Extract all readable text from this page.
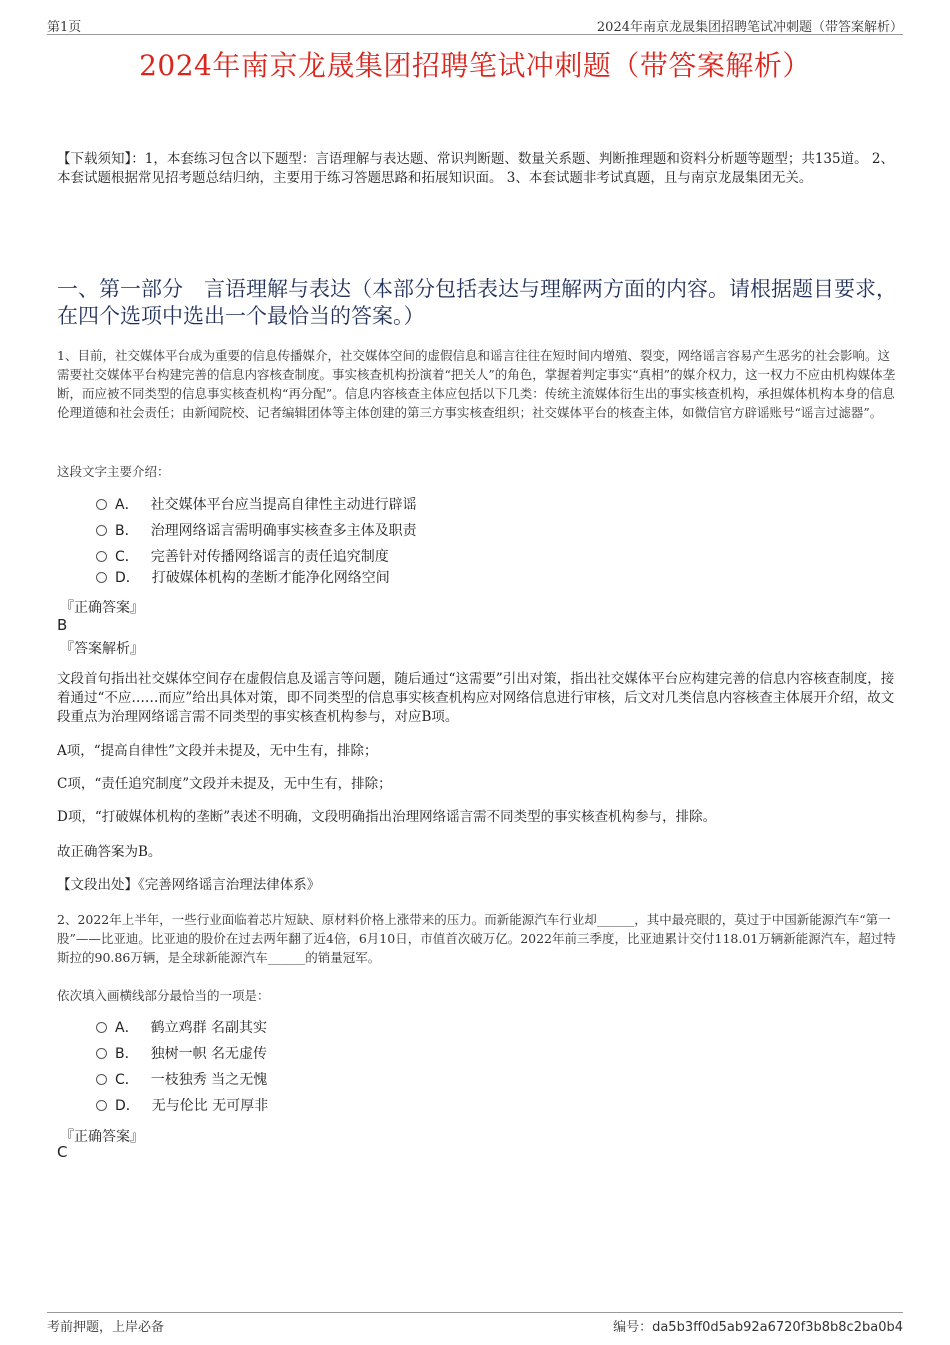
第1页	2024年南京龙晟集团招聘笔试冲刺题（带答案解析）
2024年南京龙晟集团招聘笔试冲刺题（带答案解析）
【下载须知】：1，本套练习包含以下题型：言语理解与表达题、常识判断题、数量关系题、判断推理题和资料分析题等题型；共135道。 2、本套试题根据常见招考题总结归纳，主要用于练习答题思路和拓展知识面。 3、本套试题非考试真题，且与南京龙晟集团无关。
一、第一部分　言语理解与表达（本部分包括表达与理解两方面的内容。请根据题目要求，在四个选项中选出一个最恰当的答案。）
1、目前，社交媒体平台成为重要的信息传播媒介，社交媒体空间的虚假信息和谣言往往在短时间内增殖、裂变，网络谣言容易产生恶劣的社会影响。这需要社交媒体平台构建完善的信息内容核查制度。事实核查机构扮演着“把关人”的角色，掌握着判定事实“真相”的媒介权力，这一权力不应由机构媒体垄断，而应被不同类型的信息事实核查机构“再分配”。信息内容核查主体应包括以下几类：传统主流媒体衍生出的事实核查机构，承担媒体机构本身的信息伦理道德和社会责任；由新闻院校、记者编辑团体等主体创建的第三方事实核查组织；社交媒体平台的核查主体，如微信官方辟谣账号“谣言过滤器”。
这段文字主要介绍：
A． 社交媒体平台应当提高自律性主动进行辟谣
B． 治理网络谣言需明确事实核查多主体及职责
C． 完善针对传播网络谣言的责任追究制度
D． 打破媒体机构的垄断才能净化网络空间
『正确答案』
B
『答案解析』
文段首句指出社交媒体空间存在虚假信息及谣言等问题，随后通过“这需要”引出对策，指出社交媒体平台应构建完善的信息内容核查制度，接着通过“不应……而应”给出具体对策，即不同类型的信息事实核查机构应对网络信息进行审核，后文对几类信息内容核查主体展开介绍，故文段重点为治理网络谣言需不同类型的事实核查机构参与，对应B项。
A项，“提高自律性”文段并未提及，无中生有，排除；
C项，“责任追究制度”文段并未提及，无中生有，排除；
D项，“打破媒体机构的垄断”表述不明确，文段明确指出治理网络谣言需不同类型的事实核查机构参与，排除。
故正确答案为B。
【文段出处】《完善网络谣言治理法律体系》
2、2022年上半年，一些行业面临着芯片短缺、原材料价格上涨带来的压力。而新能源汽车行业却______，其中最亮眼的，莫过于中国新能源汽车“第一股”——比亚迪。比亚迪的股价在过去两年翻了近4倍，6月10日，市值首次破万亿。2022年前三季度，比亚迪累计交付118.01万辆新能源汽车，超过特斯拉的90.86万辆，是全球新能源汽车______的销量冠军。
依次填入画横线部分最恰当的一项是：
A． 鹤立鸡群 名副其实
B． 独树一帜 名无虚传
C． 一枝独秀 当之无愧
D． 无与伦比 无可厚非
『正确答案』
C
考前押题，上岸必备	编号：da5b3ff0d5ab92a6720f3b8b8c2ba0b4
